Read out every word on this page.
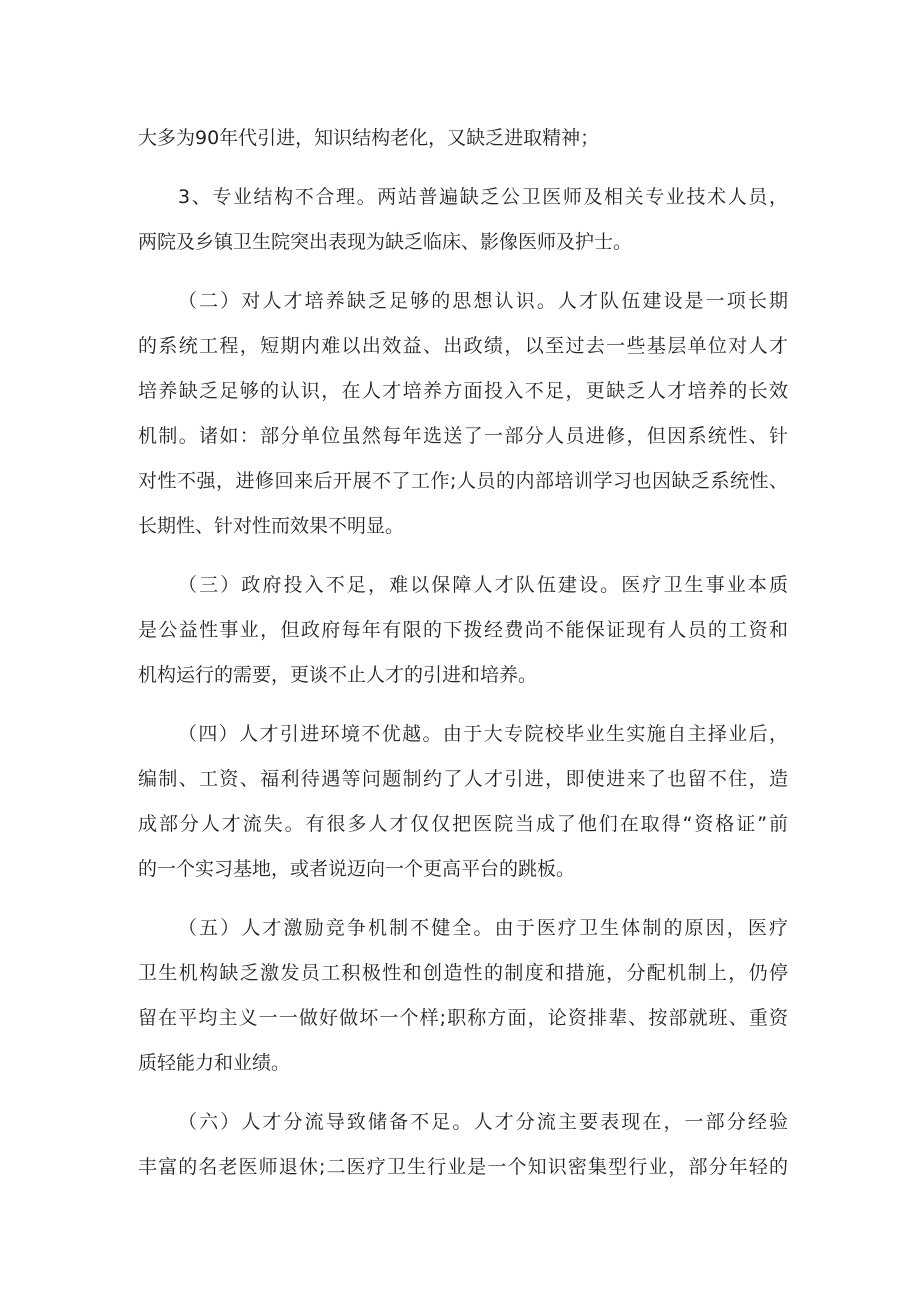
大多为90年代引进，知识结构老化，又缺乏进取精神；
3、专业结构不合理。两站普遍缺乏公卫医师及相关专业技术人员，
两院及乡镇卫生院突出表现为缺乏临床、影像医师及护士。
（二）对人才培养缺乏足够的思想认识。人才队伍建设是一项长期
的系统工程，短期内难以出效益、出政绩，以至过去一些基层单位对人才
培养缺乏足够的认识，在人才培养方面投入不足，更缺乏人才培养的长效
机制。诸如：部分单位虽然每年选送了一部分人员进修，但因系统性、针
对性不强，进修回来后开展不了工作;人员的内部培训学习也因缺乏系统性、
长期性、针对性而效果不明显。
（三）政府投入不足，难以保障人才队伍建设。医疗卫生事业本质
是公益性事业，但政府每年有限的下拨经费尚不能保证现有人员的工资和
机构运行的需要，更谈不止人才的引进和培养。
（四）人才引进环境不优越。由于大专院校毕业生实施自主择业后，
编制、工资、福利待遇等问题制约了人才引进，即使进来了也留不住，造
成部分人才流失。有很多人才仅仅把医院当成了他们在取得“资格证”前
的一个实习基地，或者说迈向一个更高平台的跳板。
（五）人才激励竞争机制不健全。由于医疗卫生体制的原因，医疗
卫生机构缺乏激发员工积极性和创造性的制度和措施，分配机制上，仍停
留在平均主义一一做好做坏一个样;职称方面，论资排辈、按部就班、重资
质轻能力和业绩。
（六）人才分流导致储备不足。人才分流主要表现在，一部分经验
丰富的名老医师退休;二医疗卫生行业是一个知识密集型行业，部分年轻的
